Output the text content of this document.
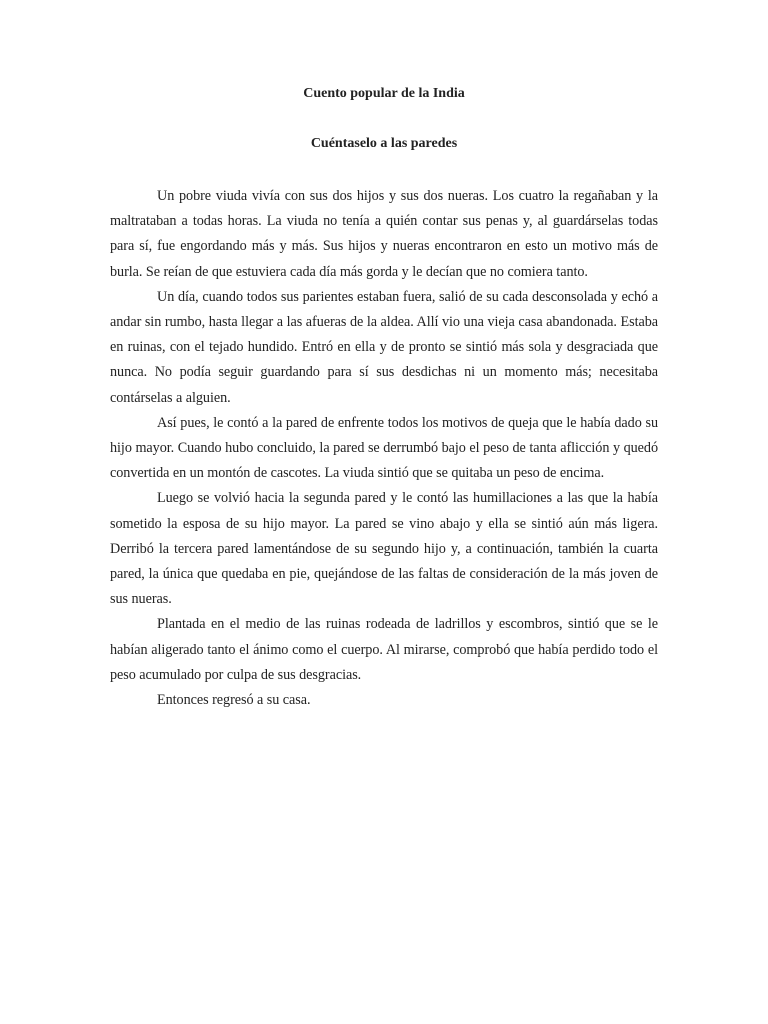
Cuento popular de la India

Cuéntaselo a las paredes

Un pobre viuda vivía con sus dos hijos y sus dos nueras. Los cuatro la regañaban y la maltrataban a todas horas. La viuda no tenía a quién contar sus penas y, al guardárselas todas para sí, fue engordando más y más. Sus hijos y nueras encontraron en esto un motivo más de burla. Se reían de que estuviera cada día más gorda y le decían que no comiera tanto.

Un día, cuando todos sus parientes estaban fuera, salió de su cada desconsolada y echó a andar sin rumbo, hasta llegar a las afueras de la aldea. Allí vio una vieja casa abandonada. Estaba en ruinas, con el tejado hundido. Entró en ella y de pronto se sintió más sola y desgraciada que nunca. No podía seguir guardando para sí sus desdichas ni un momento más; necesitaba contárselas a alguien.

Así pues, le contó a la pared de enfrente todos los motivos de queja que le había dado su hijo mayor. Cuando hubo concluido, la pared se derrumbó bajo el peso de tanta aflicción y quedó convertida en un montón de cascotes. La viuda sintió que se quitaba un peso de encima.

Luego se volvió hacia la segunda pared y le contó las humillaciones a las que la había sometido la esposa de su hijo mayor. La pared se vino abajo y ella se sintió aún más ligera. Derribó la tercera pared lamentándose de su segundo hijo y, a continuación, también la cuarta pared, la única que quedaba en pie, quejándose de las faltas de consideración de la más joven de sus nueras.

Plantada en el medio de las ruinas rodeada de ladrillos y escombros, sintió que se le habían aligerado tanto el ánimo como el cuerpo. Al mirarse, comprobó que había perdido todo el peso acumulado por culpa de sus desgracias.

Entonces regresó a su casa.
